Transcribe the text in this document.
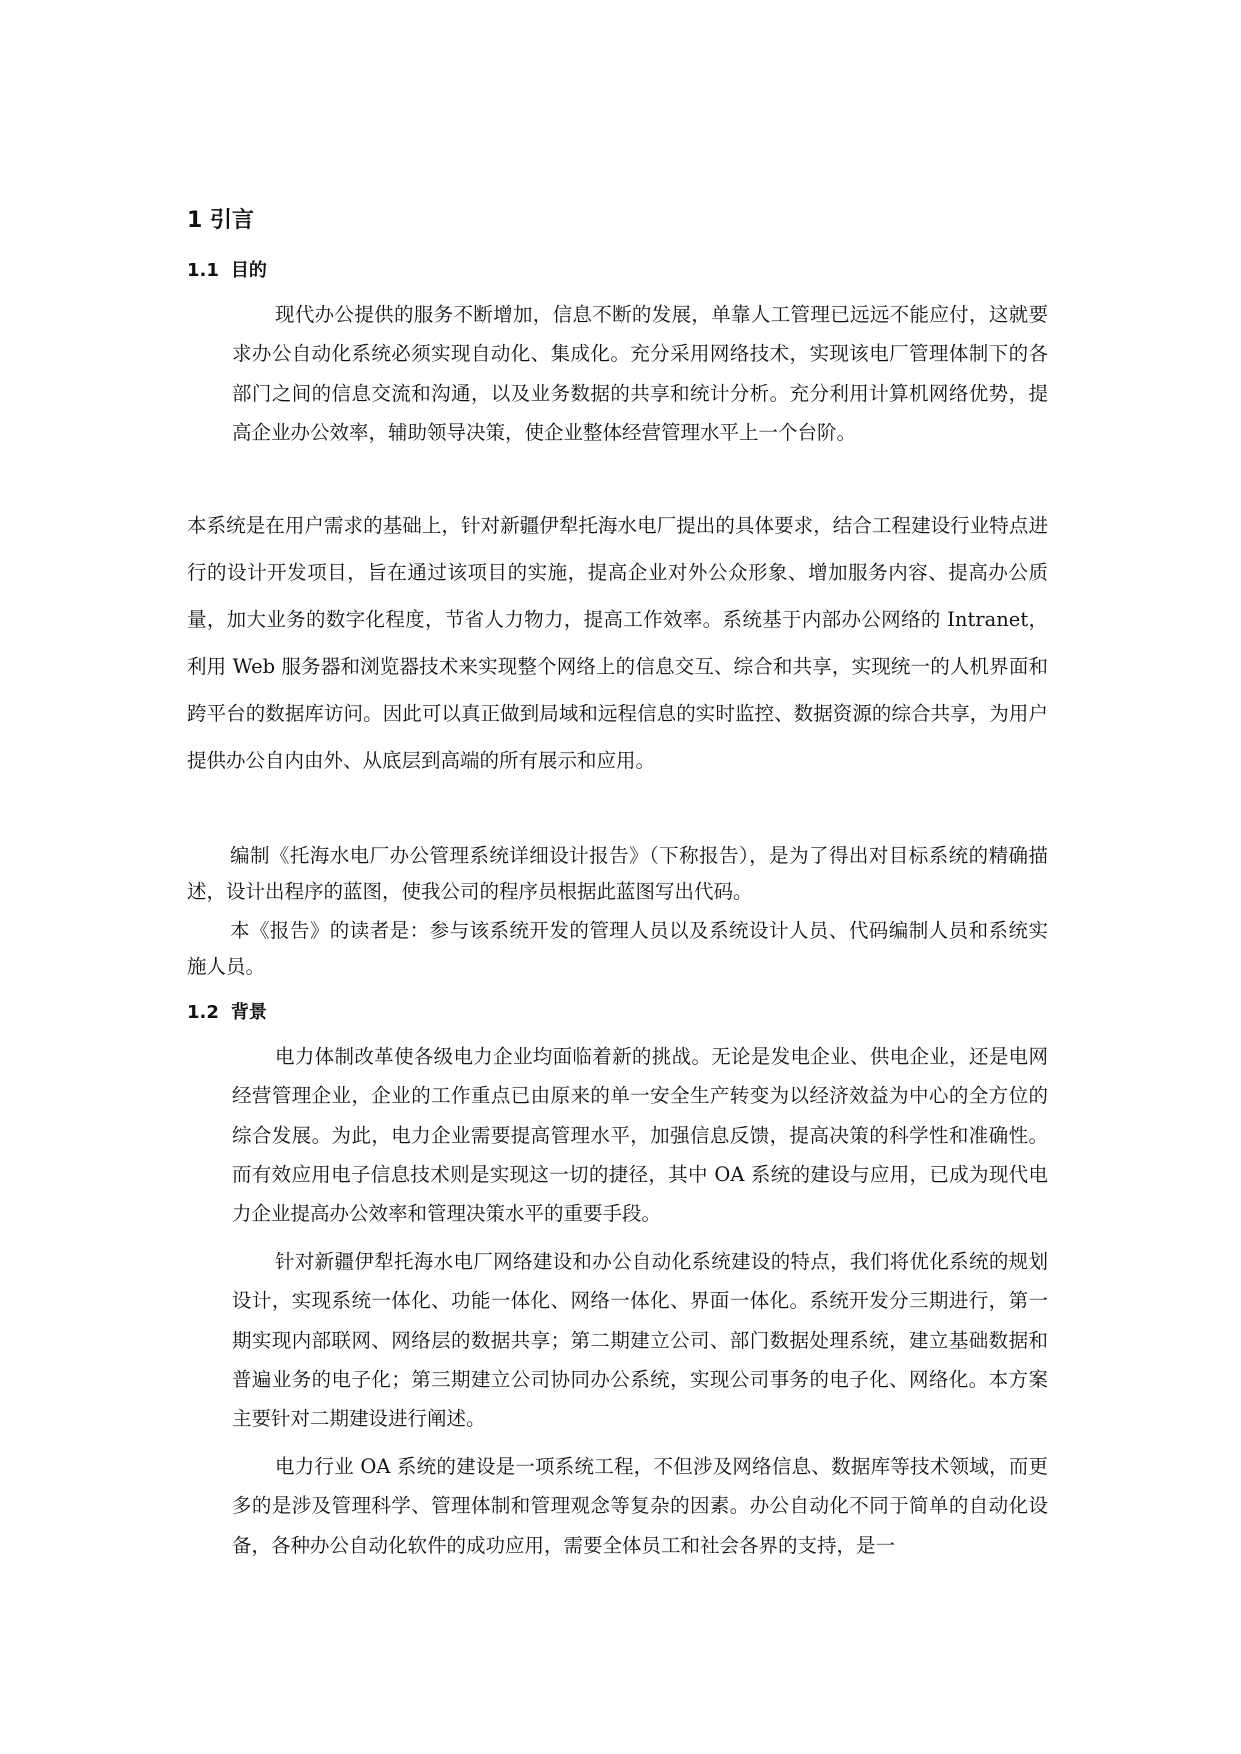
1 引言
1.1 目的

现代办公提供的服务不断增加，信息不断的发展，单靠人工管理已远远不能应付，这就要求办公自动化系统必须实现自动化、集成化。充分采用网络技术，实现该电厂管理体制下的各部门之间的信息交流和沟通，以及业务数据的共享和统计分析。充分利用计算机网络优势，提高企业办公效率，辅助领导决策，使企业整体经营管理水平上一个台阶。

本系统是在用户需求的基础上，针对新疆伊犁托海水电厂提出的具体要求，结合工程建设行业特点进行的设计开发项目，旨在通过该项目的实施，提高企业对外公众形象、增加服务内容、提高办公质量，加大业务的数字化程度，节省人力物力，提高工作效率。系统基于内部办公网络的 Intranet，利用 Web 服务器和浏览器技术来实现整个网络上的信息交互、综合和共享，实现统一的人机界面和跨平台的数据库访问。因此可以真正做到局域和远程信息的实时监控、数据资源的综合共享，为用户提供办公自内由外、从底层到高端的所有展示和应用。

编制《托海水电厂办公管理系统详细设计报告》（下称报告），是为了得出对目标系统的精确描述，设计出程序的蓝图，使我公司的程序员根据此蓝图写出代码。

本《报告》的读者是：参与该系统开发的管理人员以及系统设计人员、代码编制人员和系统实施人员。

1.2 背景

电力体制改革使各级电力企业均面临着新的挑战。无论是发电企业、供电企业，还是电网经营管理企业，企业的工作重点已由原来的单一安全生产转变为以经济效益为中心的全方位的综合发展。为此，电力企业需要提高管理水平，加强信息反馈，提高决策的科学性和准确性。而有效应用电子信息技术则是实现这一切的捷径，其中 OA 系统的建设与应用，已成为现代电力企业提高办公效率和管理决策水平的重要手段。

针对新疆伊犁托海水电厂网络建设和办公自动化系统建设的特点，我们将优化系统的规划设计，实现系统一体化、功能一体化、网络一体化、界面一体化。系统开发分三期进行，第一期实现内部联网、网络层的数据共享；第二期建立公司、部门数据处理系统，建立基础数据和普遍业务的电子化；第三期建立公司协同办公系统，实现公司事务的电子化、网络化。本方案主要针对二期建设进行阐述。

电力行业 OA 系统的建设是一项系统工程，不但涉及网络信息、数据库等技术领域，而更多的是涉及管理科学、管理体制和管理观念等复杂的因素。办公自动化不同于简单的自动化设备，各种办公自动化软件的成功应用，需要全体员工和社会各界的支持，是一
